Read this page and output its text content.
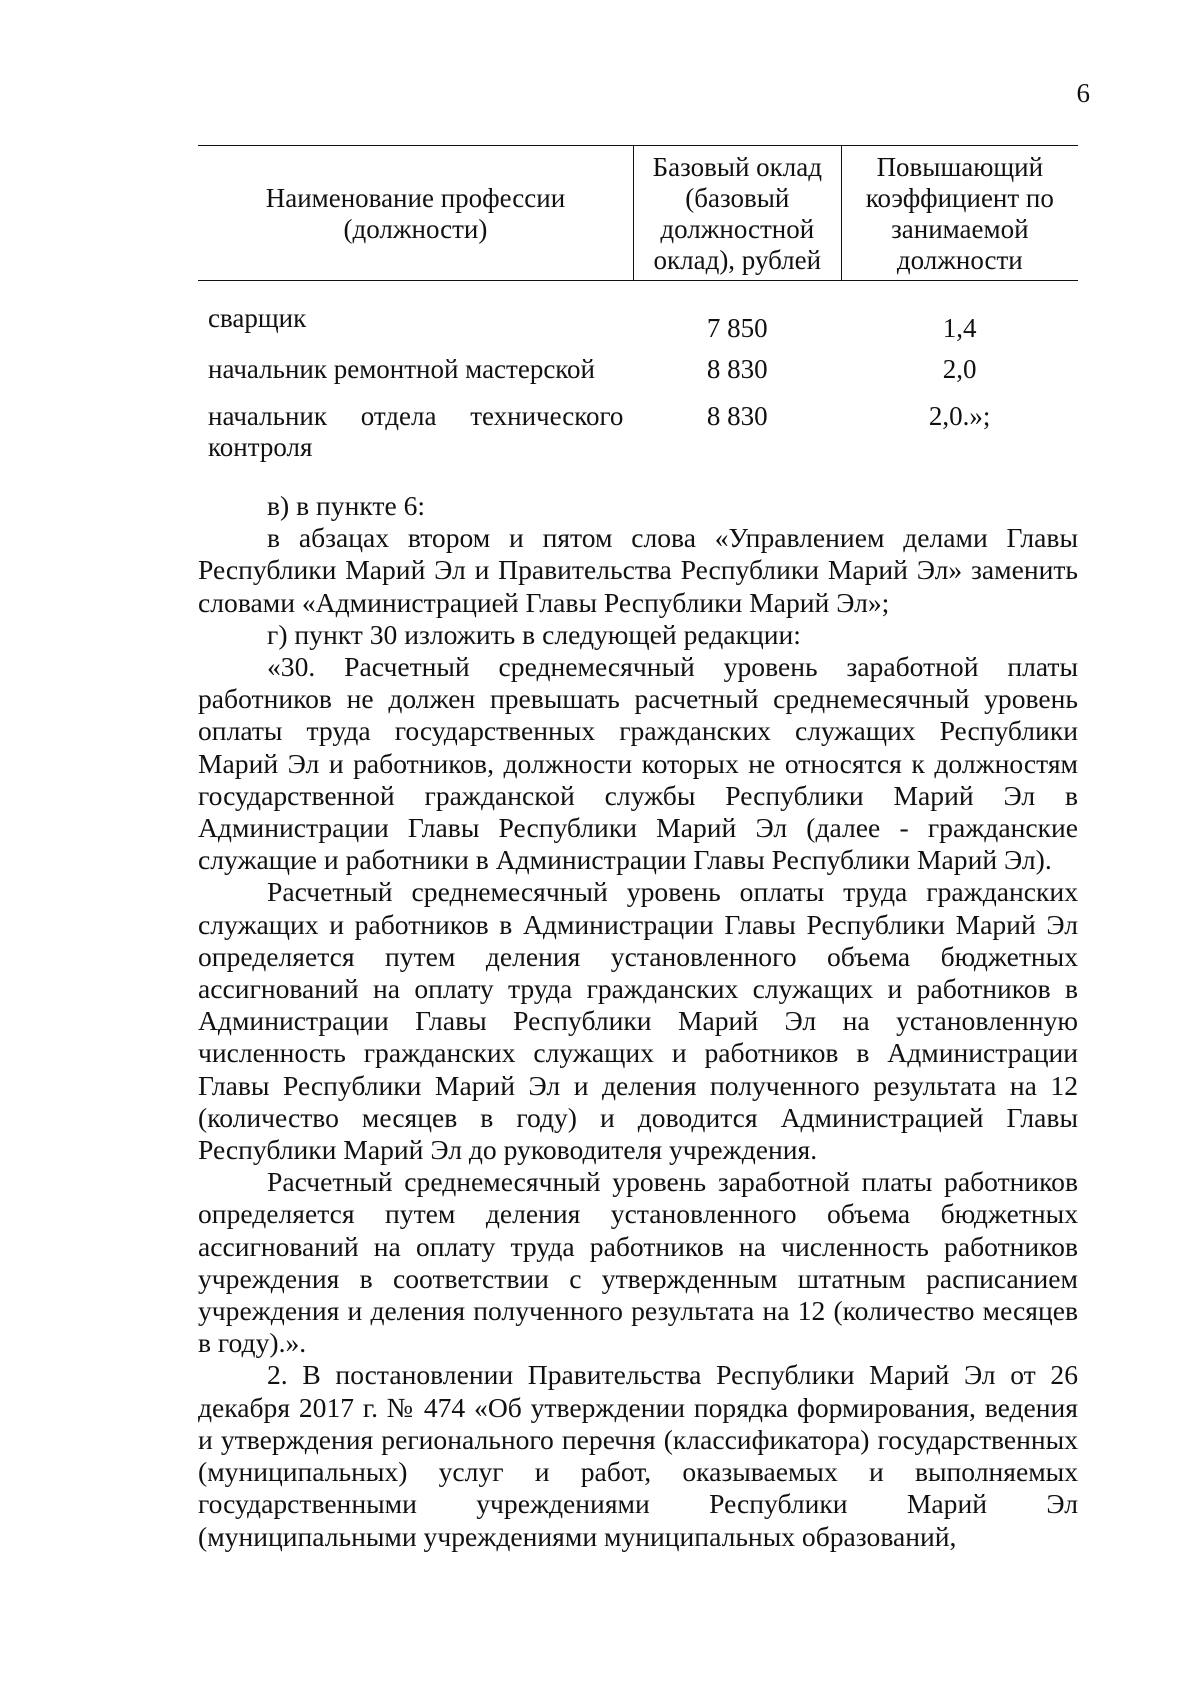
6
Наименование профессии (должности)	Базовый оклад (базовый должностной оклад), рублей	Повышающий коэффициент по занимаемой должности
сварщик	7 850	1,4
начальник ремонтной мастерской	8 830	2,0
начальник отдела технического контроля	8 830	2,0.»;

в) в пункте 6:

в абзацах втором и пятом слова «Управлением делами Главы Республики Марий Эл и Правительства Республики Марий Эл» заменить словами «Администрацией Главы Республики Марий Эл»;

г) пункт 30 изложить в следующей редакции:

«30. Расчетный среднемесячный уровень заработной платы работников не должен превышать расчетный среднемесячный уровень оплаты труда государственных гражданских служащих Республики Марий Эл и работников, должности которых не относятся к должностям государственной гражданской службы Республики Марий Эл в Администрации Главы Республики Марий Эл (далее - гражданские служащие и работники в Администрации Главы Республики Марий Эл).

Расчетный среднемесячный уровень оплаты труда гражданских служащих и работников в Администрации Главы Республики Марий Эл определяется путем деления установленного объема бюджетных ассигнований на оплату труда гражданских служащих и работников в Администрации Главы Республики Марий Эл на установленную численность гражданских служащих и работников в Администрации Главы Республики Марий Эл и деления полученного результата на 12 (количество месяцев в году) и доводится Администрацией Главы Республики Марий Эл до руководителя учреждения.

Расчетный среднемесячный уровень заработной платы работников определяется путем деления установленного объема бюджетных ассигнований на оплату труда работников на численность работников учреждения в соответствии с утвержденным штатным расписанием учреждения и деления полученного результата на 12 (количество месяцев в году).».

2. В постановлении Правительства Республики Марий Эл от 26 декабря 2017 г. № 474 «Об утверждении порядка формирования, ведения и утверждения регионального перечня (классификатора) государственных (муниципальных) услуг и работ, оказываемых и выполняемых государственными учреждениями Республики Марий Эл (муниципальными учреждениями муниципальных образований,
